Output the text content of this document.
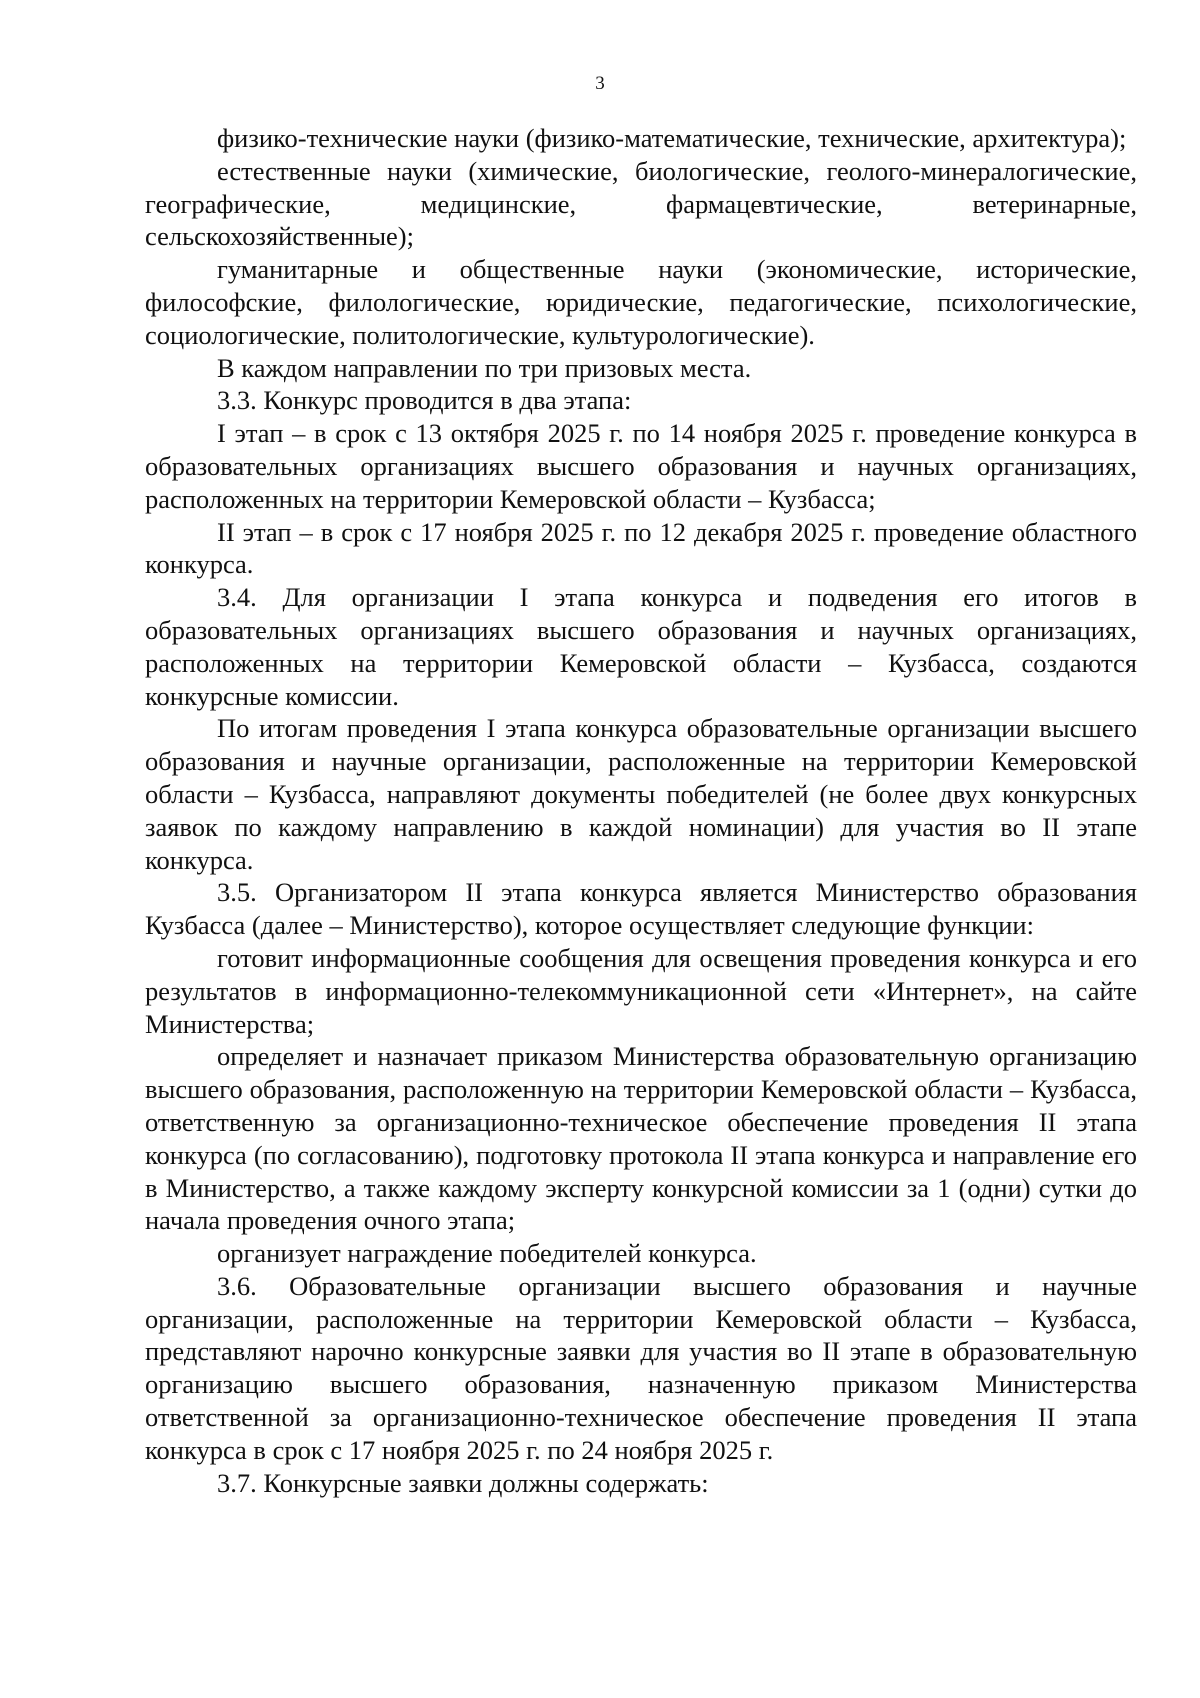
3

физико-технические науки (физико-математические, технические, архитектура);

естественные науки (химические, биологические, геолого-минералогические, географические, медицинские, фармацевтические, ветеринарные, сельскохозяйственные);

гуманитарные и общественные науки (экономические, исторические, философские, филологические, юридические, педагогические, психологические, социологические, политологические, культурологические).

В каждом направлении по три призовых места.

3.3. Конкурс проводится в два этапа:

I этап – в срок с 13 октября 2025 г. по 14 ноября 2025 г. проведение конкурса в образовательных организациях высшего образования и научных организациях, расположенных на территории Кемеровской области – Кузбасса;

II этап – в срок с 17 ноября 2025 г. по 12 декабря 2025 г. проведение областного конкурса.

3.4. Для организации I этапа конкурса и подведения его итогов в образовательных организациях высшего образования и научных организациях, расположенных на территории Кемеровской области – Кузбасса, создаются конкурсные комиссии.

По итогам проведения I этапа конкурса образовательные организации высшего образования и научные организации, расположенные на территории Кемеровской области – Кузбасса, направляют документы победителей (не более двух конкурсных заявок по каждому направлению в каждой номинации) для участия во II этапе конкурса.

3.5. Организатором II этапа конкурса является Министерство образования Кузбасса (далее – Министерство), которое осуществляет следующие функции:

готовит информационные сообщения для освещения проведения конкурса и его результатов в информационно-телекоммуникационной сети «Интернет», на сайте Министерства;

определяет и назначает приказом Министерства образовательную организацию высшего образования, расположенную на территории Кемеровской области – Кузбасса, ответственную за организационно-техническое обеспечение проведения II этапа конкурса (по согласованию), подготовку протокола II этапа конкурса и направление его в Министерство, а также каждому эксперту конкурсной комиссии за 1 (одни) сутки до начала проведения очного этапа;

организует награждение победителей конкурса.

3.6. Образовательные организации высшего образования и научные организации, расположенные на территории Кемеровской области – Кузбасса, представляют нарочно конкурсные заявки для участия во II этапе в образовательную организацию высшего образования, назначенную приказом Министерства ответственной за организационно-техническое обеспечение проведения II этапа конкурса в срок с 17 ноября 2025 г. по 24 ноября 2025 г.

3.7. Конкурсные заявки должны содержать:
